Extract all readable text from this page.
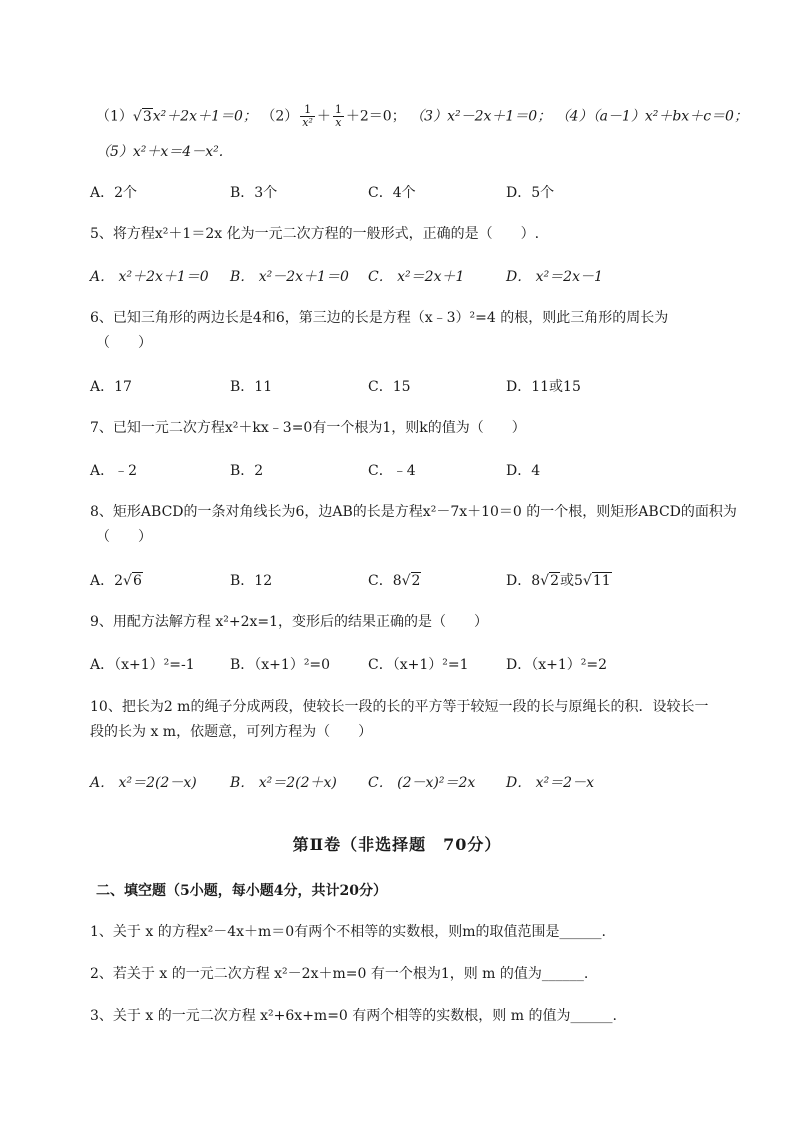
（1）√3x²＋2x＋1＝0； $(2) \frac{1}{\text{x²}} + \frac{1}{x} +2=0$； （3）x²－2x＋1＝0； （4）（a－1）x²＋bx＋c＝0；
（5）x²＋x＝4－x².
A．2个	B．3个	C．4个	D．5个
5、将方程x²＋1＝2x 化为一元二次方程的一般形式，正确的是（　　）.
A． x²＋2x＋1＝0 B． x²－2x＋1＝0 C． x²＝2x＋1	D． x²＝2x－1
6、已知三角形的两边长是4和6，第三边的长是方程（x﹣3）²=4 的根，则此三角形的周长为
（　　）
A．17	B．11	C．15	D．11或15
7、已知一元二次方程x²＋kx﹣3=0有一个根为1，则k的值为（　　）
A．﹣2	B．2	C．﹣4	D．4
8、矩形ABCD的一条对角线长为6，边AB的长是方程x²－7x＋10＝0 的一个根，则矩形ABCD的面积为
（　　）
A．2√6	B．12	C．8√2	D．8√2或5√11
9、用配方法解方程 x²+2x=1，变形后的结果正确的是（　　）
A．（x+1）²=-1	B．（x+1）²=0	C．（x+1）²=1	D．（x+1）²=2
10、把长为2 m的绳子分成两段，使较长一段的长的平方等于较短一段的长与原绳长的积．设较长一
段的长为 x m，依题意，可列方程为（　　）
A． x²＝2(2－x) B． x²＝2(2＋x) C． (2－x)²＝2x D． x²＝2－x
第Ⅱ卷（非选择题　70分）
二、填空题（5小题，每小题4分，共计20分）
1、关于 x 的方程x²－4x＋m＝0有两个不相等的实数根，则m的取值范围是______.
2、若关于 x 的一元二次方程 x²－2x＋m=0 有一个根为1，则 m 的值为______.
3、关于 x 的一元二次方程 x²+6x+m=0 有两个相等的实数根，则 m 的值为______.
